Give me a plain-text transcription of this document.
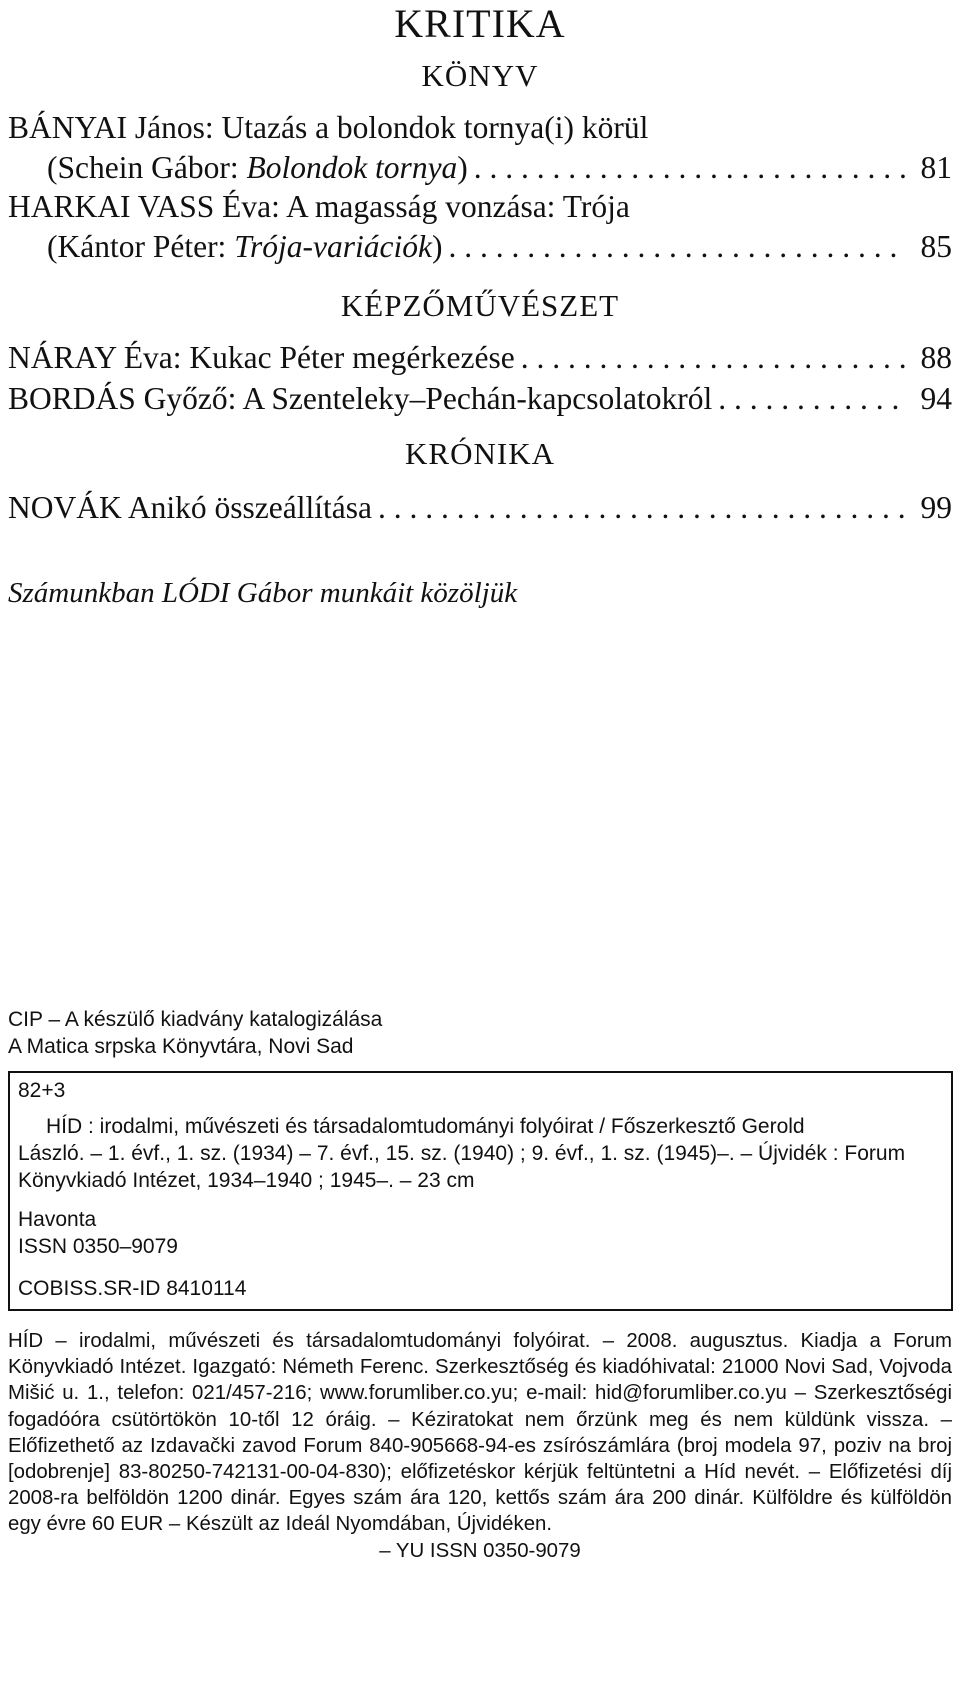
KRITIKA
KÖNYV
BÁNYAI János: Utazás a bolondok tornya(i) körül
(Schein Gábor: Bolondok tornya) . . .	81
HARKAI VASS Éva: A magasság vonzása: Trója
(Kántor Péter: Trója-variációk) . . .	85
KÉPZŐMŰVÉSZET
NÁRAY Éva: Kukac Péter megérkezése . . .	88
BORDÁS Győző: A Szenteleky–Pechán-kapcsolatokról . . .	94
KRÓNIKA
NOVÁK Anikó összeállítása . . .	99
Számunkban LÓDI Gábor munkáit közöljük
CIP – A készülő kiadvány katalogizálása
A Matica srpska Könyvtára, Novi Sad
82+3
HÍD : irodalmi, művészeti és társadalomtudományi folyóirat / Főszerkesztő Gerold
László. – 1. évf., 1. sz. (1934) – 7. évf., 15. sz. (1940) ; 9. évf., 1. sz. (1945)–. – Újvidék : Forum
Könyvkiadó Intézet, 1934–1940 ; 1945–. – 23 cm
Havonta
ISSN 0350–9079
COBISS.SR-ID 8410114
HÍD – irodalmi, művészeti és társadalomtudományi folyóirat. – 2008. augusztus. Kiadja a Forum Könyvkiadó Intézet. Igazgató: Németh Ferenc. Szerkesztőség és kiadóhivatal: 21000 Novi Sad, Vojvoda Mišić u. 1., telefon: 021/457-216; www.forumliber.co.yu; e-mail: hid@forumliber.co.yu – Szerkesztőségi fogadóóra csütörtökön 10-től 12 óráig. – Kéziratokat nem őrzünk meg és nem küldünk vissza. – Előfizethető az Izdavački zavod Forum 840-905668-94-es zsírószámlára (broj modela 97, poziv na broj [odobrenje] 83-80250-742131-00-04-830); előfizetéskor kérjük feltüntetni a Híd nevét. – Előfizetési díj 2008-ra belföldön 1200 dinár. Egyes szám ára 120, kettős szám ára 200 dinár. Külföldre és külföldön egy évre 60 EUR – Készült az Ideál Nyomdában, Újvidéken.
– YU ISSN 0350-9079
